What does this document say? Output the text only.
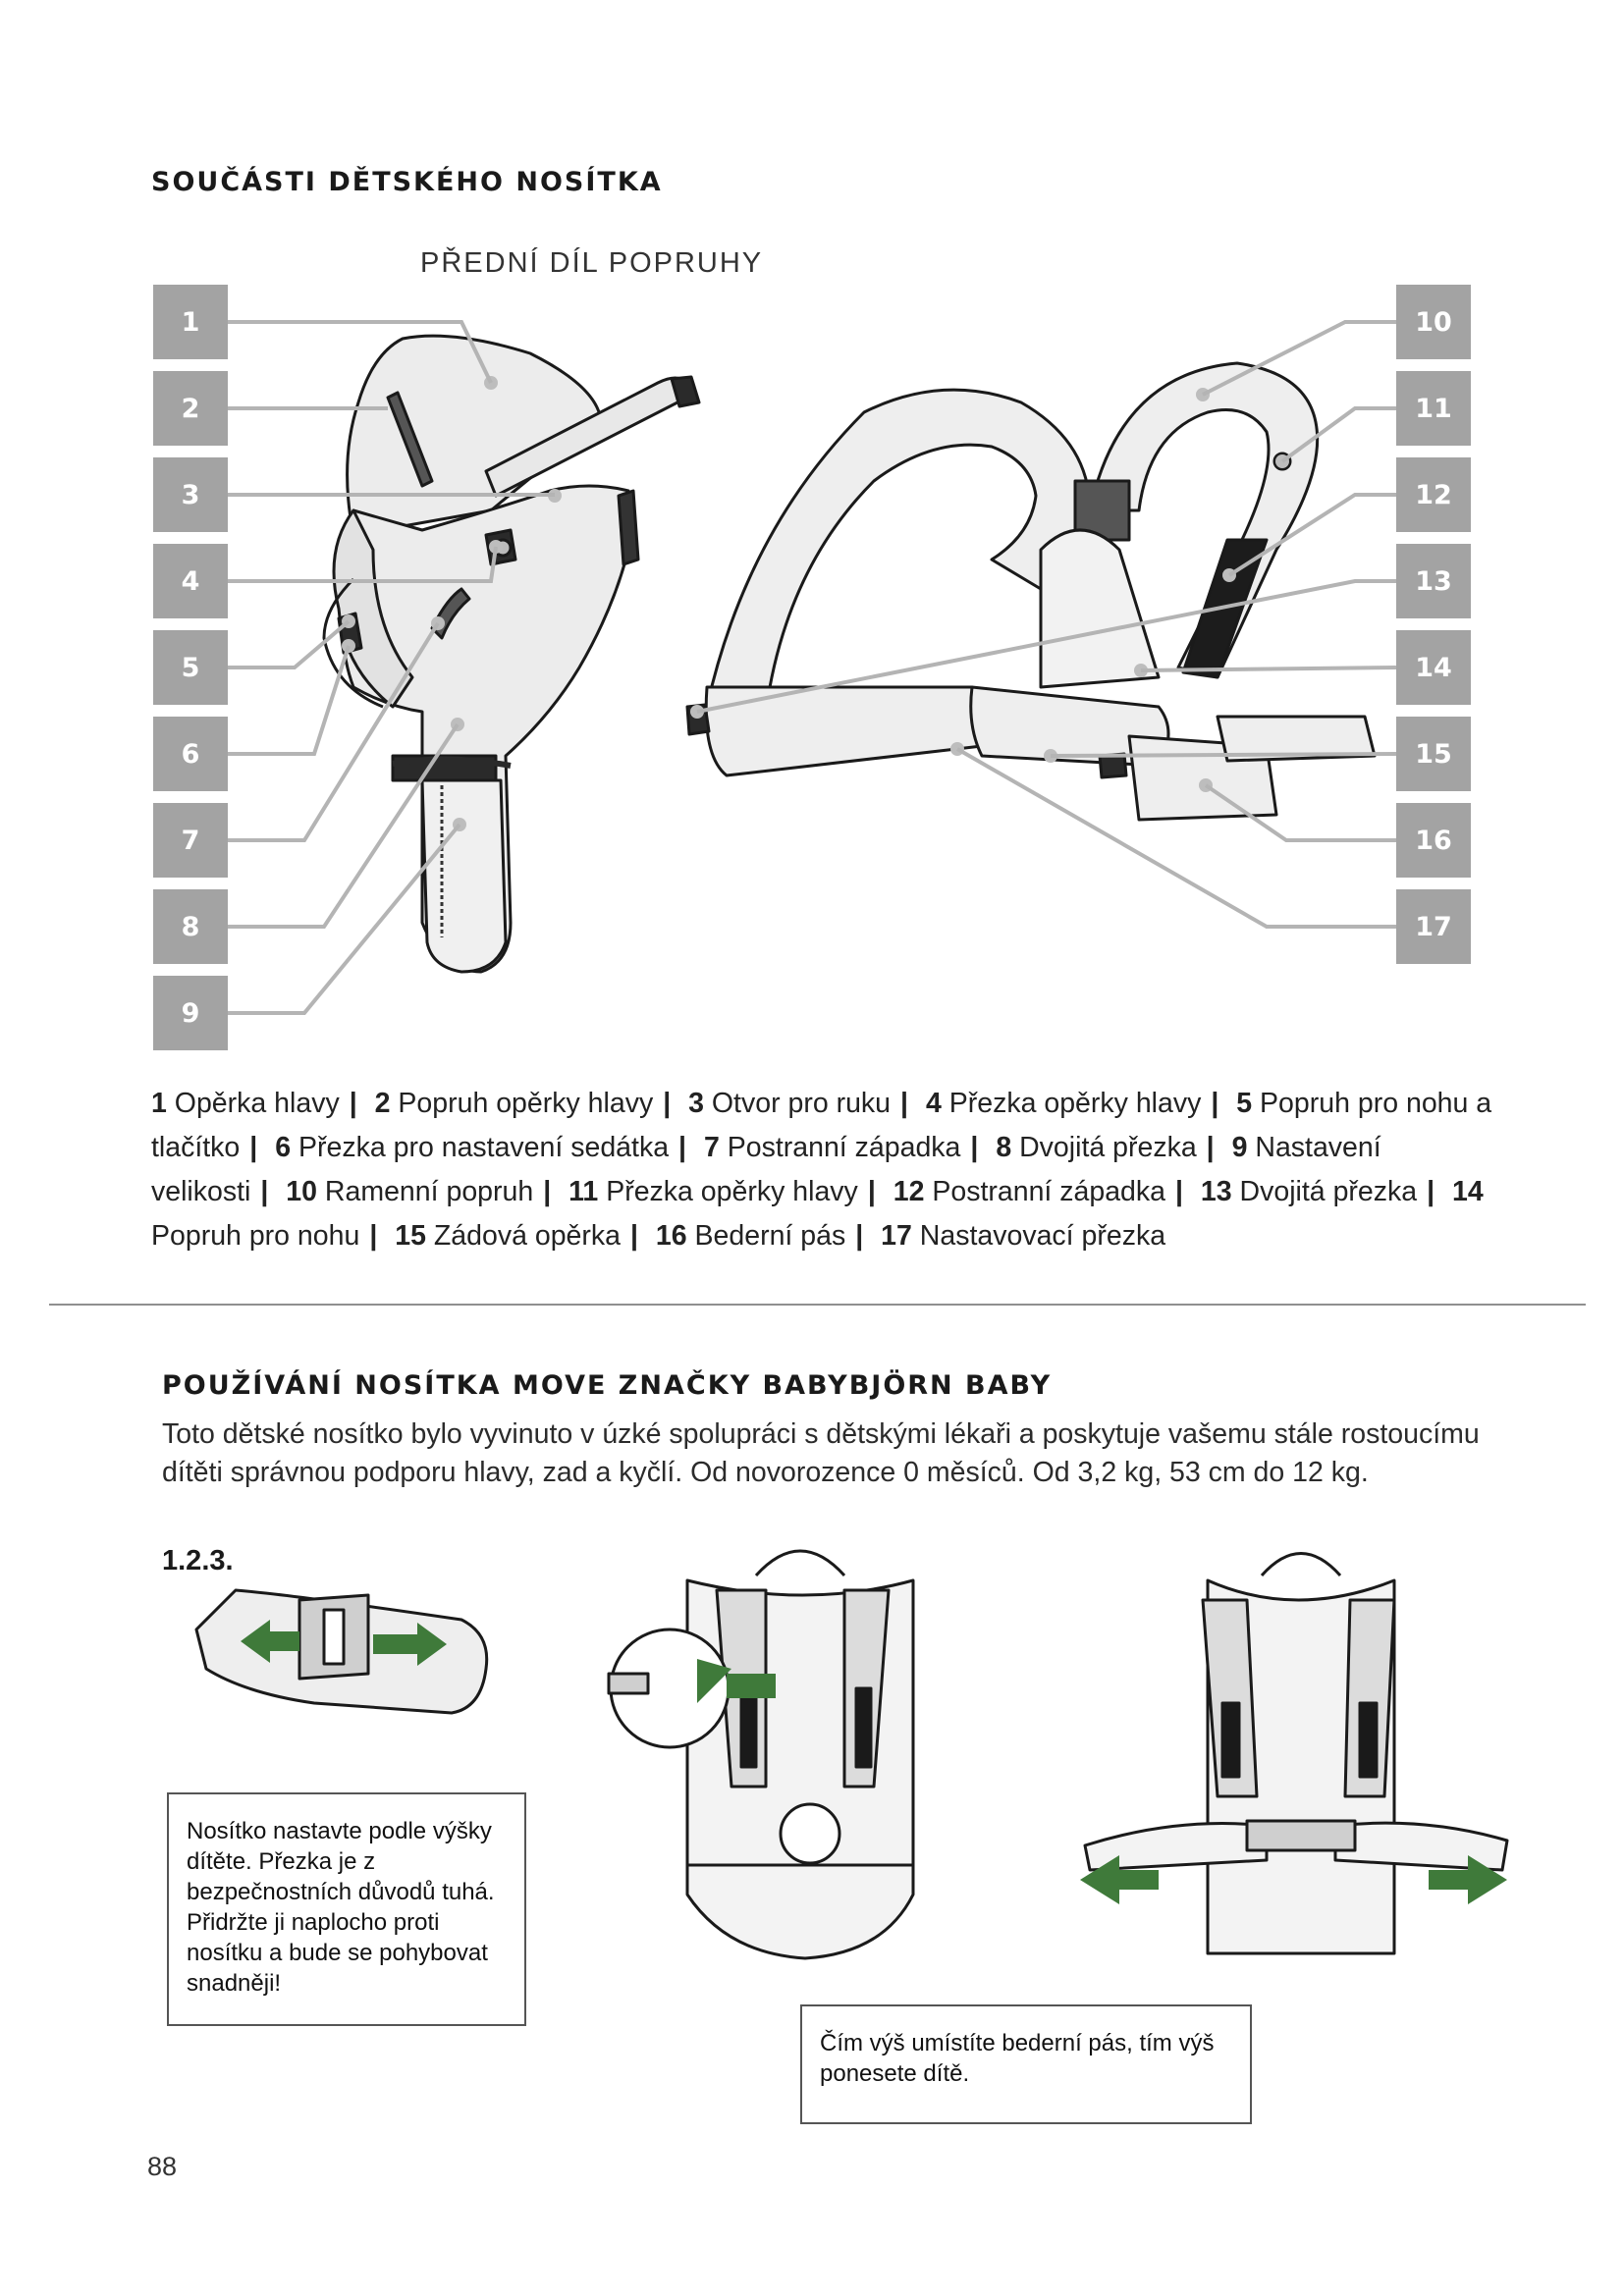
SOUČÁSTI DĚTSKÉHO NOSÍTKA
PŘEDNÍ DÍL POPRUHY
1
2
3
4
5
6
7
8
9
10
11
12
13
14
15
16
17
1 Opěrka hlavy | 2 Popruh opěrky hlavy | 3 Otvor pro ruku | 4 Přezka opěrky hlavy | 5 Popruh pro nohu a tlačítko | 6 Přezka pro nastavení sedátka | 7 Postranní západka | 8 Dvojitá přezka | 9 Nastavení velikosti | 10 Ramenní popruh | 11 Přezka opěrky hlavy | 12 Postranní západka | 13 Dvojitá přezka | 14 Popruh pro nohu | 15 Zádová opěrka | 16 Bederní pás | 17 Nastavovací přezka
POUŽÍVÁNÍ NOSÍTKA MOVE ZNAČKY BABYBJÖRN BABY
Toto dětské nosítko bylo vyvinuto v úzké spolupráci s dětskými lékaři a poskytuje vašemu stále rostoucímu dítěti správnou podporu hlavy, zad a kyčlí. Od novorozence 0 měsíců. Od 3,2 kg, 53 cm do 12 kg.
1.2.3.
Nosítko nastavte podle výšky dítěte. Přezka je z bezpečnostních důvodů tuhá. Přidržte ji naplocho proti nosítku a bude se pohybovat snadněji!
Čím výš umístíte bederní pás, tím výš ponesete dítě.
88
